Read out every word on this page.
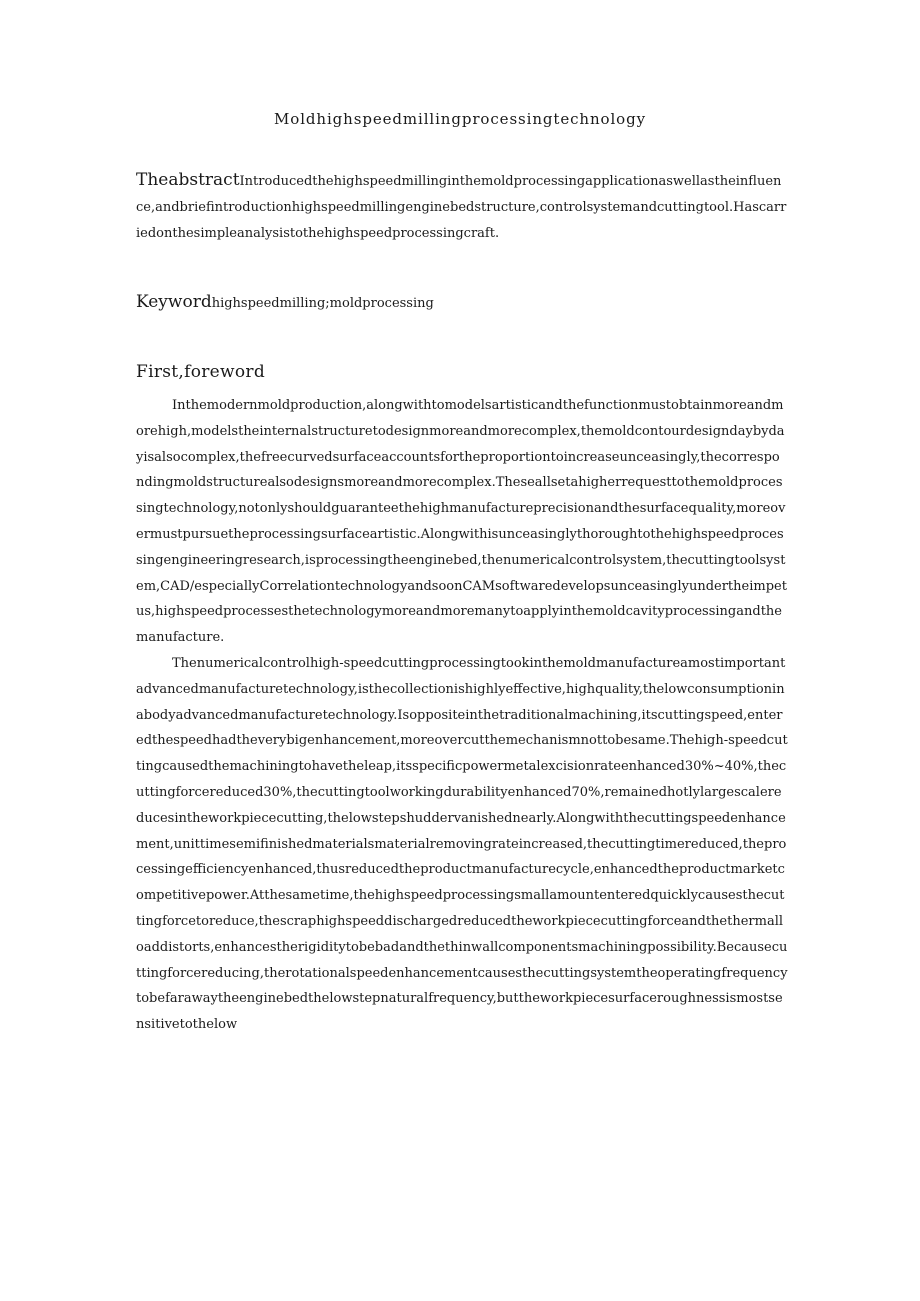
Moldhighspeedmillingprocessingtechnology

TheabstractIntroducedthehighspeedmillinginthemoldprocessingapplicationaswellastheinfluence,andbriefintroductionhighspeedmillingenginebedstructure,controlsystemandcuttingtool.Hascarriedonthesimpleanalysistothehighspeedprocessingcraft.

Keywordhighspeedmilling;moldprocessing

First,foreword

Inthemodernmoldproduction,alongwithtomodelsartisticandthefunctionmustobtainmoreandmorehigh,modelstheinternalstructuretodesignmoreandmorecomplex,themoldcontourdesigndaybydayisalsocomplex,thefreecurvedsurfaceaccountsfortheproportiontoincreaseunceasingly,thecorrespondingmoldstructurealsodesignsmoreandmorecomplex.Theseallsetahigherrequesttothemoldprocessingtechnology,notonlyshouldguaranteethehighmanufactureprecisionandthesurfacequality,moreovermustpursuetheprocessingsurfaceartistic.Alongwithisunceasinglythoroughtothehighspeedprocessingengineeringresearch,isprocessingtheenginebed,thenumericalcontrolsystem,thecuttingtoolsystem,CAD/especiallyCorrelationtechnologyandsoonCAMsoftwaredevelopsunceasinglyundertheimpetus,highspeedprocessesthetechnologymoreandmoremanytoapplyinthemoldcavityprocessingandthemanufacture.

Thenumericalcontrolhigh-speedcuttingprocessingtookinthemoldmanufactureamostimportantadvancedmanufacturetechnology,isthecollectionishighlyeffective,highquality,thelowconsumptioninabodyadvancedmanufacturetechnology.Isoppositeinthetraditionalmachining,itscuttingspeed,enteredthespeedhadtheverybigenhancement,moreovercutthemechanismnottobesame.Thehigh-speedcuttingcausedthemachiningtohavetheleap,itsspecificpowermetalexcisionrateenhanced30%~40%,thecuttingforcereduced30%,thecuttingtoolworkingdurabilityenhanced70%,remainedhotlylargescalereducesintheworkpiececutting,thelowstepshuddervanishednearly.Alongwiththecuttingspeedenhancement,unittimesemifinishedmaterialsmaterialremovingrateincreased,thecuttingtimereduced,theprocessingefficiencyenhanced,thusreducedtheproductmanufacturecycle,enhancedtheproductmarketcompetitivepower.Atthesametime,thehighspeedprocessingsmallamountenteredquicklycausesthecuttingforcetoreduce,thescraphighspeeddischargedreducedtheworkpiececuttingforceandthethermalloaddistorts,enhancestherigiditytobebadandthethinwallcomponentsmachiningpossibility.Becausecuttingforcereducing,therotationalspeedenhancementcausesthecuttingsystemtheoperatingfrequencytobefarawaytheenginebedthelowstepnaturalfrequency,buttheworkpiecesurfaceroughnessismostsensitivetothelow
